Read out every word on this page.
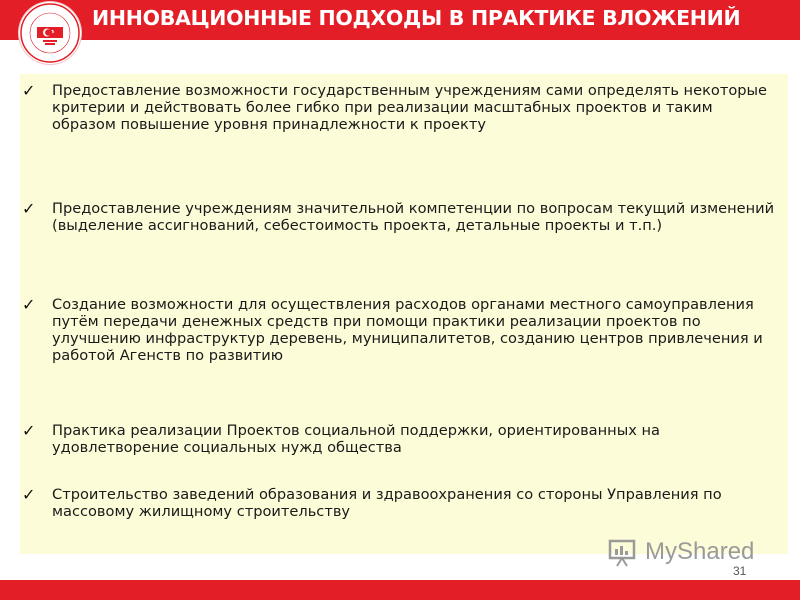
ИННОВАЦИОННЫЕ ПОДХОДЫ В ПРАКТИКЕ ВЛОЖЕНИЙ
✓ Предоставление возможности государственным учреждениям сами определять некоторые критерии и действовать более гибко при реализации масштабных проектов и таким образом повышение уровня принадлежности к проекту
✓ Предоставление учреждениям значительной компетенции по вопросам текущий изменений (выделение ассигнований, себестоимость проекта, детальные проекты и т.п.)
✓ Создание возможности для осуществления расходов органами местного самоуправления путём передачи денежных средств при помощи практики реализации проектов по улучшению инфраструктур деревень, муниципалитетов, созданию центров привлечения и работой Агенств по развитию
✓ Практика реализации Проектов социальной поддержки, ориентированных на удовлетворение социальных нужд общества
✓ Строительство заведений образования и здравоохранения со стороны Управления по массовому жилищному строительству
MyShared
31
